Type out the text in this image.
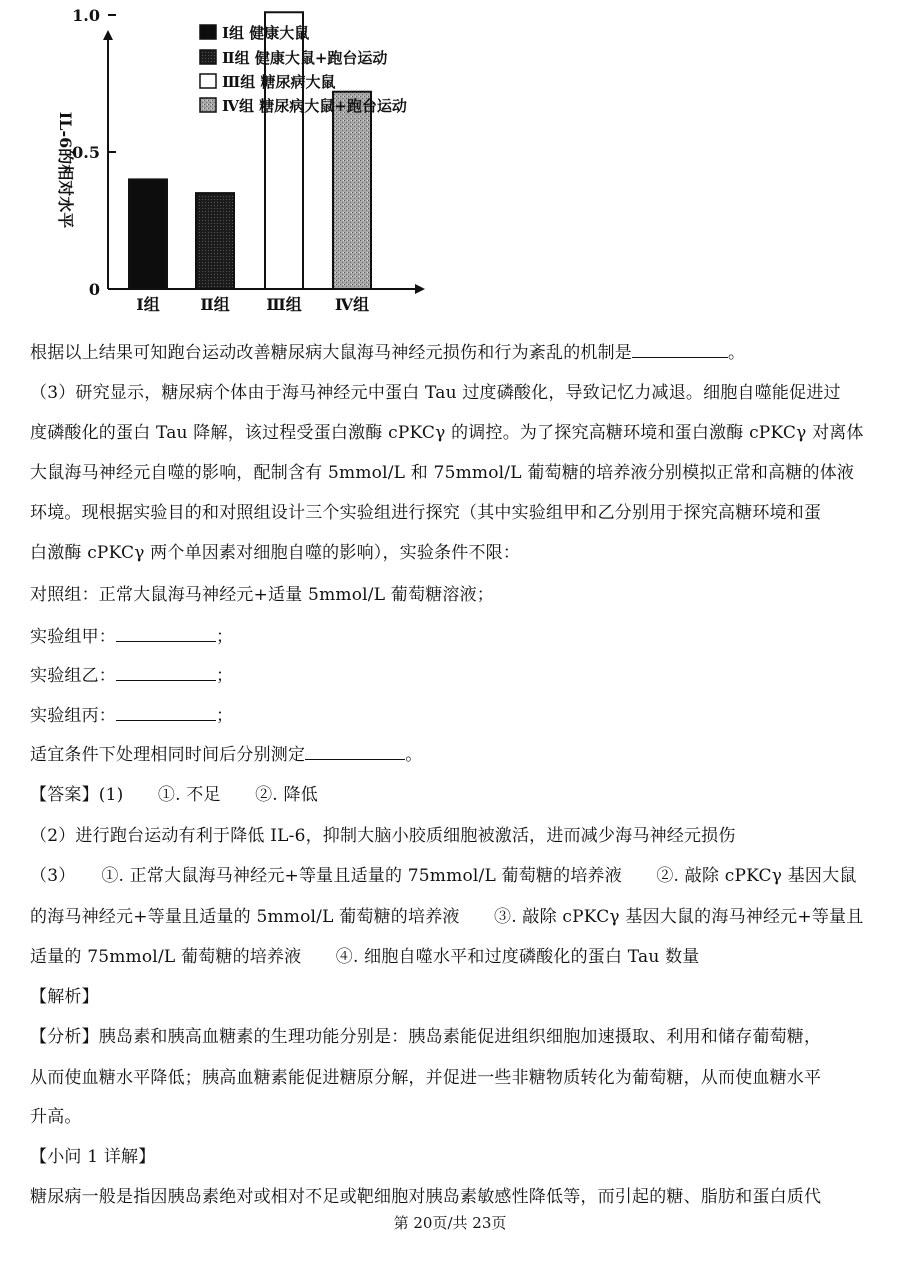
0
0.5
1.0
Ⅰ组	Ⅱ组 Ⅲ组 Ⅳ组
Ⅰ组 健康大鼠
Ⅱ组 健康大鼠+跑台运动
Ⅲ组 糖尿病大鼠
Ⅳ组 糖尿病大鼠+跑台运动
IL-6的相对水平
根据以上结果可知跑台运动改善糖尿病大鼠海马神经元损伤和行为紊乱的机制是	。
（3）研究显示，糖尿病个体由于海马神经元中蛋白 Tau 过度磷酸化，导致记忆力减退。细胞自噬能促进过
度磷酸化的蛋白 Tau 降解，该过程受蛋白激酶 cPKCγ 的调控。为了探究高糖环境和蛋白激酶 cPKCγ 对离体
大鼠海马神经元自噬的影响，配制含有 5mmol/L 和 75mmol/L 葡萄糖的培养液分别模拟正常和高糖的体液
环境。现根据实验目的和对照组设计三个实验组进行探究（其中实验组甲和乙分别用于探究高糖环境和蛋
白激酶 cPKCγ 两个单因素对细胞自噬的影响），实验条件不限：
对照组：正常大鼠海马神经元+适量 5mmol/L 葡萄糖溶液；
实验组甲：	；
实验组乙：	；
实验组丙：	；
适宜条件下处理相同时间后分别测定	。
【答案】(1)　　①. 不足　　②. 降低
（2）进行跑台运动有利于降低 IL-6，抑制大脑小胶质细胞被激活，进而减少海马神经元损伤
（3）　　①. 正常大鼠海马神经元+等量且适量的 75mmol/L 葡萄糖的培养液　　②. 敲除 cPKCγ 基因大鼠
的海马神经元+等量且适量的 5mmol/L 葡萄糖的培养液　　③. 敲除 cPKCγ 基因大鼠的海马神经元+等量且
适量的 75mmol/L 葡萄糖的培养液　　④. 细胞自噬水平和过度磷酸化的蛋白 Tau 数量
【解析】
【分析】胰岛素和胰高血糖素的生理功能分别是：胰岛素能促进组织细胞加速摄取、利用和储存葡萄糖，
从而使血糖水平降低；胰高血糖素能促进糖原分解，并促进一些非糖物质转化为葡萄糖，从而使血糖水平
升高。
【小问 1 详解】
糖尿病一般是指因胰岛素绝对或相对不足或靶细胞对胰岛素敏感性降低等，而引起的糖、脂肪和蛋白质代
第 20页/共 23页
